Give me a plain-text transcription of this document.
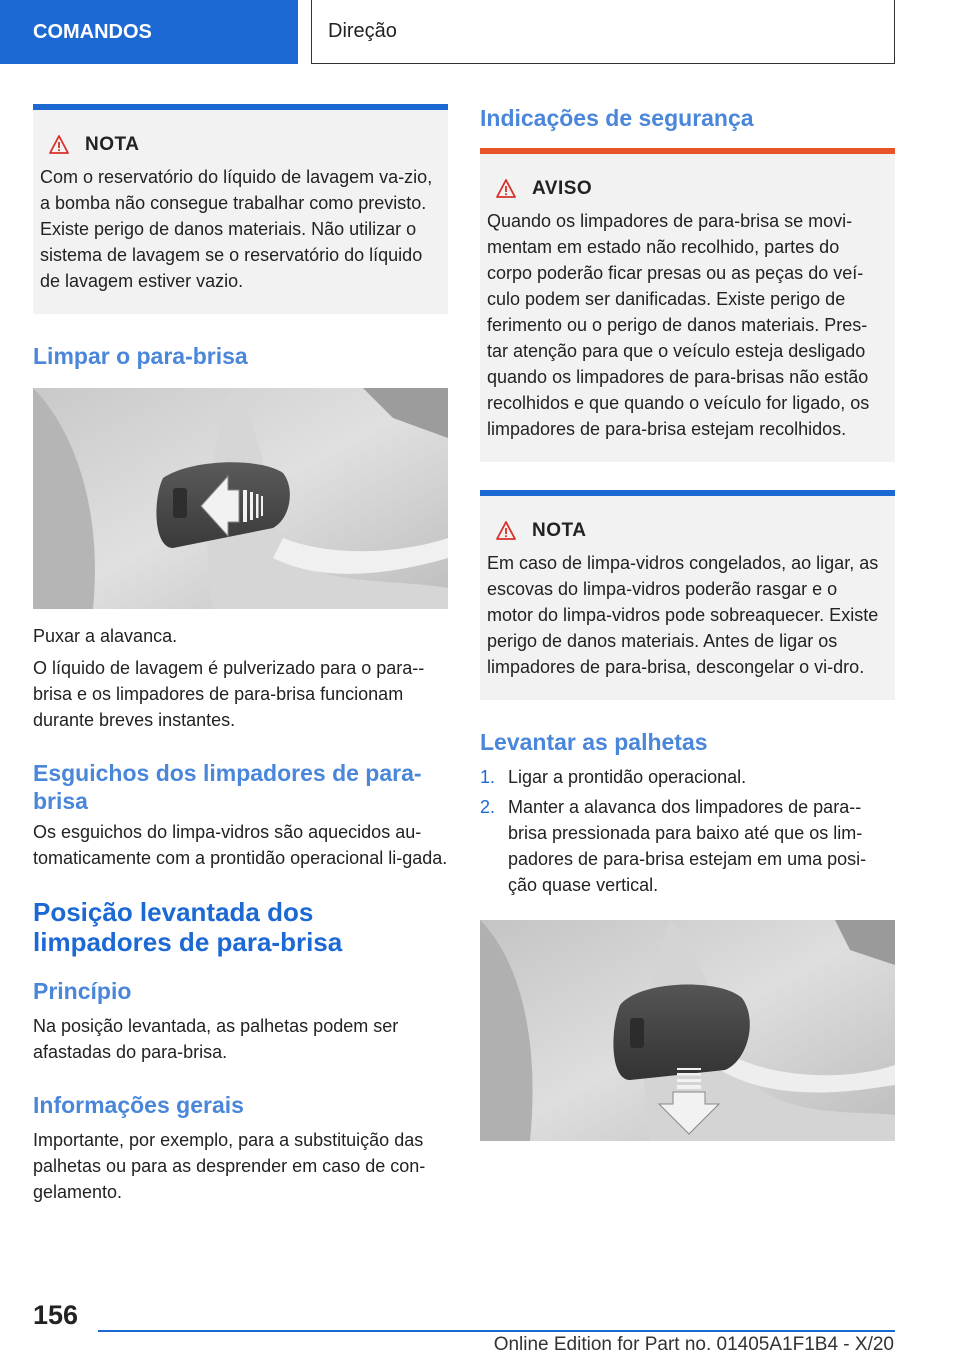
COMANDOS	Direção
NOTA
Com o reservatório do líquido de lavagem va-zio, a bomba não consegue trabalhar como previsto. Existe perigo de danos materiais. Não utilizar o sistema de lavagem se o reservatório do líquido de lavagem estiver vazio.
Limpar o para-brisa

Puxar a alavanca.

O líquido de lavagem é pulverizado para o para--brisa e os limpadores de para-brisa funcionam durante breves instantes.

Esguichos dos limpadores de para-brisa

Os esguichos do limpa-vidros são aquecidos au-tomaticamente com a prontidão operacional li-gada.

Posição levantada dos limpadores de para-brisa
Princípio

Na posição levantada, as palhetas podem ser afastadas do para-brisa.

Informações gerais

Importante, por exemplo, para a substituição das palhetas ou para as desprender em caso de con-gelamento.

Indicações de segurança
AVISO
Quando os limpadores de para-brisa se movi-mentam em estado não recolhido, partes do corpo poderão ficar presas ou as peças do veí-culo podem ser danificadas. Existe perigo de ferimento ou o perigo de danos materiais. Pres-tar atenção para que o veículo esteja desligado quando os limpadores de para-brisas não estão recolhidos e que quando o veículo for ligado, os limpadores de para-brisa estejam recolhidos.
NOTA
Em caso de limpa-vidros congelados, ao ligar, as escovas do limpa-vidros poderão rasgar e o motor do limpa-vidros pode sobreaquecer. Existe perigo de danos materiais. Antes de ligar os limpadores de para-brisa, descongelar o vi-dro.
Levantar as palhetas
1. Ligar a prontidão operacional.
2. Manter a alavanca dos limpadores de para--brisa pressionada para baixo até que os lim-padores de para-brisa estejam em uma posi-ção quase vertical.
156
Online Edition for Part no. 01405A1F1B4 - X/20
